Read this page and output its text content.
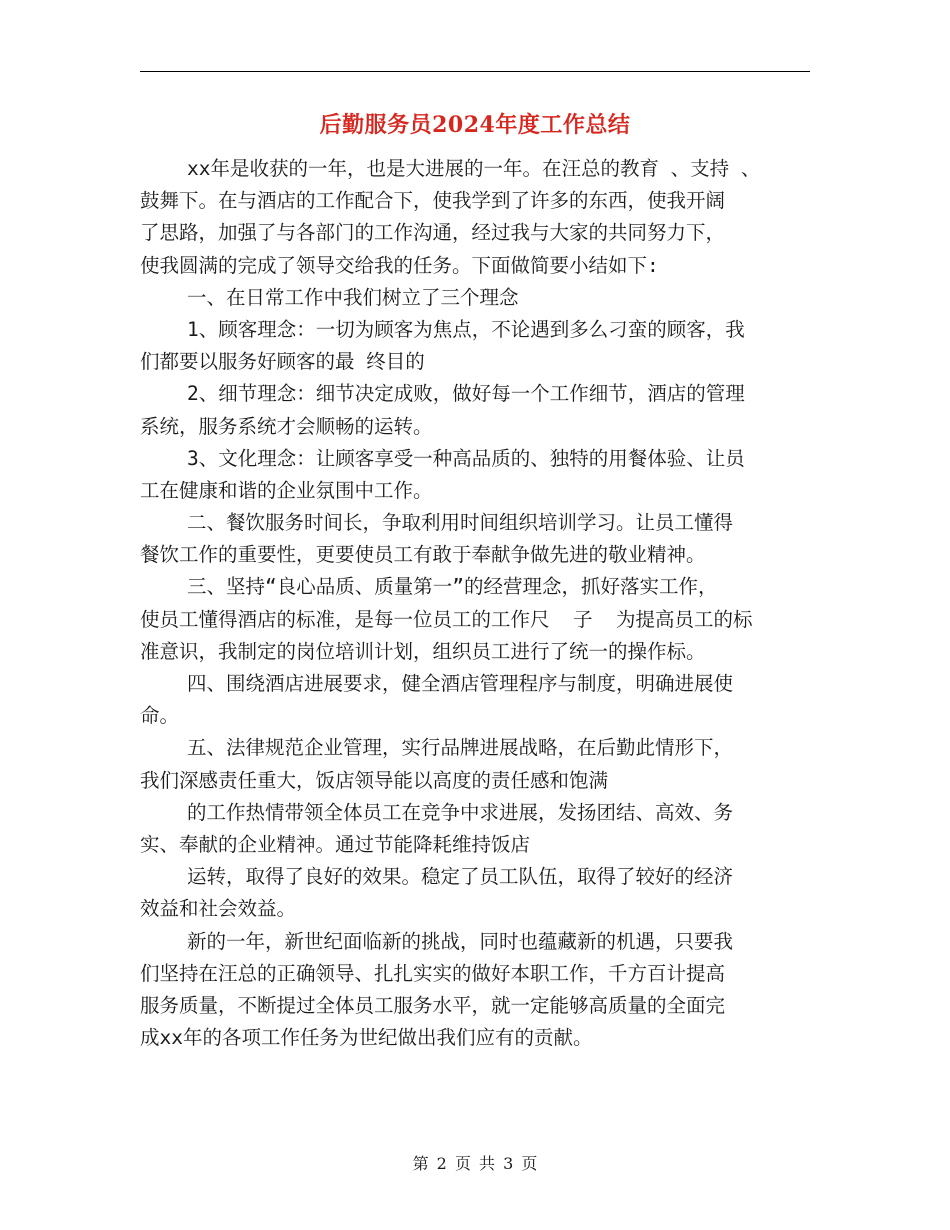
后勤服务员2024年度工作总结
xx年是收获的一年，也是大进展的一年。在汪总的教育 、支持 、
鼓舞下。在与酒店的工作配合下，使我学到了许多的东西，使我开阔
了思路，加强了与各部门的工作沟通，经过我与大家的共同努力下，
使我圆满的完成了领导交给我的任务。下面做简要小结如下:
一、在日常工作中我们树立了三个理念
1、顾客理念：一切为顾客为焦点，不论遇到多么刁蛮的顾客，我
们都要以服务好顾客的最 终目的
2、细节理念：细节决定成败，做好每一个工作细节，酒店的管理
系统，服务系统才会顺畅的运转。
3、文化理念：让顾客享受一种高品质的、独特的用餐体验、让员
工在健康和谐的企业氛围中工作。
二、餐饮服务时间长，争取利用时间组织培训学习。让员工懂得
餐饮工作的重要性，更要使员工有敢于奉献争做先进的敬业精神。
三、坚持“良心品质、质量第一”的经营理念，抓好落实工作，
使员工懂得酒店的标准，是每一位员工的工作尺  子  为提高员工的标
准意识，我制定的岗位培训计划，组织员工进行了统一的操作标。
四、围绕酒店进展要求，健全酒店管理程序与制度，明确进展使
命。
五、法律规范企业管理，实行品牌进展战略，在后勤此情形下，
我们深感责任重大，饭店领导能以高度的责任感和饱满
的工作热情带领全体员工在竞争中求进展，发扬团结、高效、务
实、奉献的企业精神。通过节能降耗维持饭店
运转，取得了良好的效果。稳定了员工队伍，取得了较好的经济
效益和社会效益。
新的一年，新世纪面临新的挑战，同时也蕴藏新的机遇，只要我
们坚持在汪总的正确领导、扎扎实实的做好本职工作，千方百计提高
服务质量，不断提过全体员工服务水平，就一定能够高质量的全面完
成xx年的各项工作任务为世纪做出我们应有的贡献。
第 2 页 共 3 页
